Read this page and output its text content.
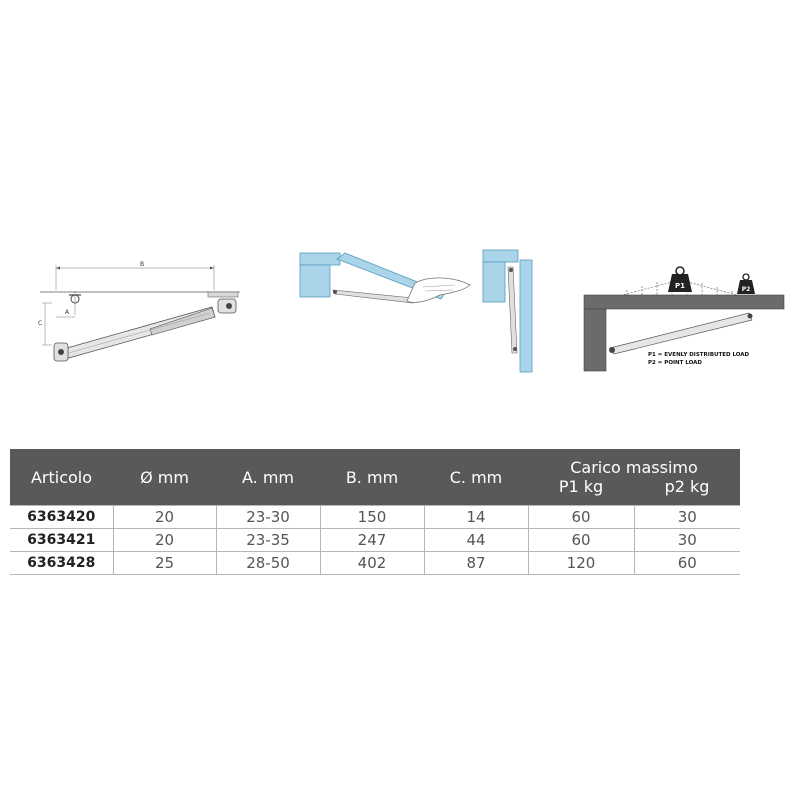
B
C
A
P1	P2
P1 = EVENLY DISTRIBUTED LOAD
P2 = POINT LOAD
Articolo	Ø mm	A. mm	B. mm	C. mm	Carico massimo	
					P1 kg	p2 kg
6363420	20	23-30	150	14	60	30
6363421	20	23-35	247	44	60	30
6363428	25	28-50	402	87	120	60
